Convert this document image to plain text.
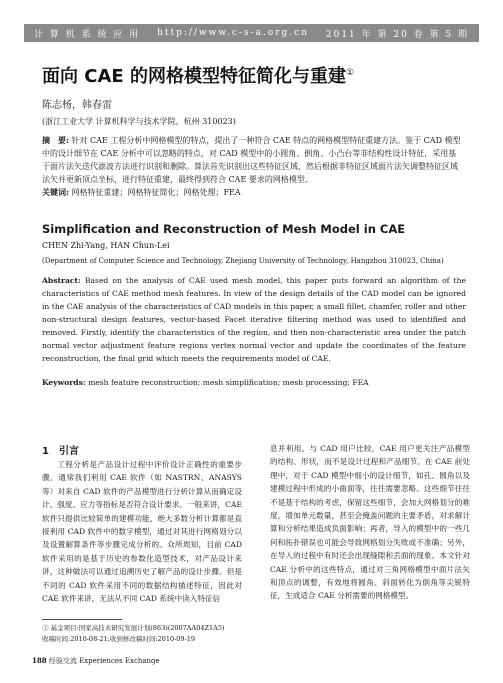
计 算 机 系 统 应 用 http://www.c-s-a.org.cn 2011 年 第 20 卷 第 5 期
面向 CAE 的网格模型特征简化与重建①
陈志杨，韩春雷
(浙江工业大学 计算机科学与技术学院，杭州 310023)
摘　要: 针对 CAE 工程分析中网格模型的特点，提出了一种符合 CAE 特点的网格模型特征重建方法。鉴于 CAD 模型中的设计细节在 CAE 分析中可以忽略的特点，对 CAD 模型中的小圆角、倒角、小凸台等非结构性设计特征，采用基于面片法矢迭代滤波方法进行识别和删除。算法首先识别出这些特征区域，然后根据非特征区域面片法矢调整特征区域法矢并更新顶点坐标，进行特征重建，最终得到符合 CAE 要求的网格模型。
关键词: 网格特征重建；网格特征简化；网格处理；FEA
Simplification and Reconstruction of Mesh Model in CAE
CHEN Zhi-Yang, HAN Chun-Lei
(Department of Computer Science and Technology, Zhejiang University of Technology, Hangzhou 310023, China)
Abstract: Based on the analysis of CAE used mesh model, this paper puts forward an algorithm of the characteristics of CAE method mesh features. In view of the design details of the CAD model can be ignored in the CAE analysis of the characteristics of CAD models in this paper, a small fillet, chamfer, roller and other non-structural design features, vector-based Facet iterative filtering method was used to identified and removed. Firstly, identify the characteristics of the region, and then non-characteristic area under the patch normal vector adjustment feature regions vertex normal vector and update the coordinates of the feature reconstruction, the final grid which meets the requirements model of CAE.
Keywords: mesh feature reconstruction; mesh simplification; mesh processing; FEA
1　引言

工程分析是产品设计过程中评价设计正确性的重要步骤。通常我们利用 CAE 软件（如 NASTRN、ANASYS 等）对来自 CAD 软件的产品模型进行分析计算从而确定设计、强度、应力等指标是否符合设计要求。一般来讲，CAE 软件只提供比较简单的建模功能，绝大多数分析计算都是直接利用 CAD 软件中的数字模型，通过对其进行网格划分以及设置解算条件等步骤完成分析的。众所周知，目前 CAD 软件采用的是基于历史的参数化造型技术，对产品设计来讲，这种做法可以通过追溯历史了解产品的设计步骤。但是不同的 CAD 软件采用不同的数据结构描述特征，因此对 CAE 软件来讲，无法从不同 CAD 系统中读入特征信

息并利用。与 CAD 用户比较，CAE 用户更关注产品模型的结构、形状，而不是设计过程和产品细节。在 CAE 前处理中，对于 CAD 模型中细小的设计细节，如孔、圆角以及建模过程中形成的小曲面等，往往需要忽略。这些细节往往不是基于结构的考虑，保留这些细节，会加大网格划分的难度，增加单元数量，甚至会掩盖问题的主要矛盾，对求解计算和分析结果造成负面影响；再者，导入的模型中的一些几何和拓扑错误也可能会导致网格划分失败或不准确；另外，在导入的过程中有时还会出现缝隙和丢面的现象。本文针对 CAE 分析中的这些特点，通过对三角网格模型中面片法矢和顶点的调整，有效地将圆角、斜面转化为倒角等尖锐特征，生成适合 CAE 分析需要的网格模型。

① 基金项目:国家高技术研究发展计划(863)(2007AA04Z1A5)
收稿时间:2010-08-21;收到修改稿时间:2010-09-19
188 经验交流 Experiences Exchange
